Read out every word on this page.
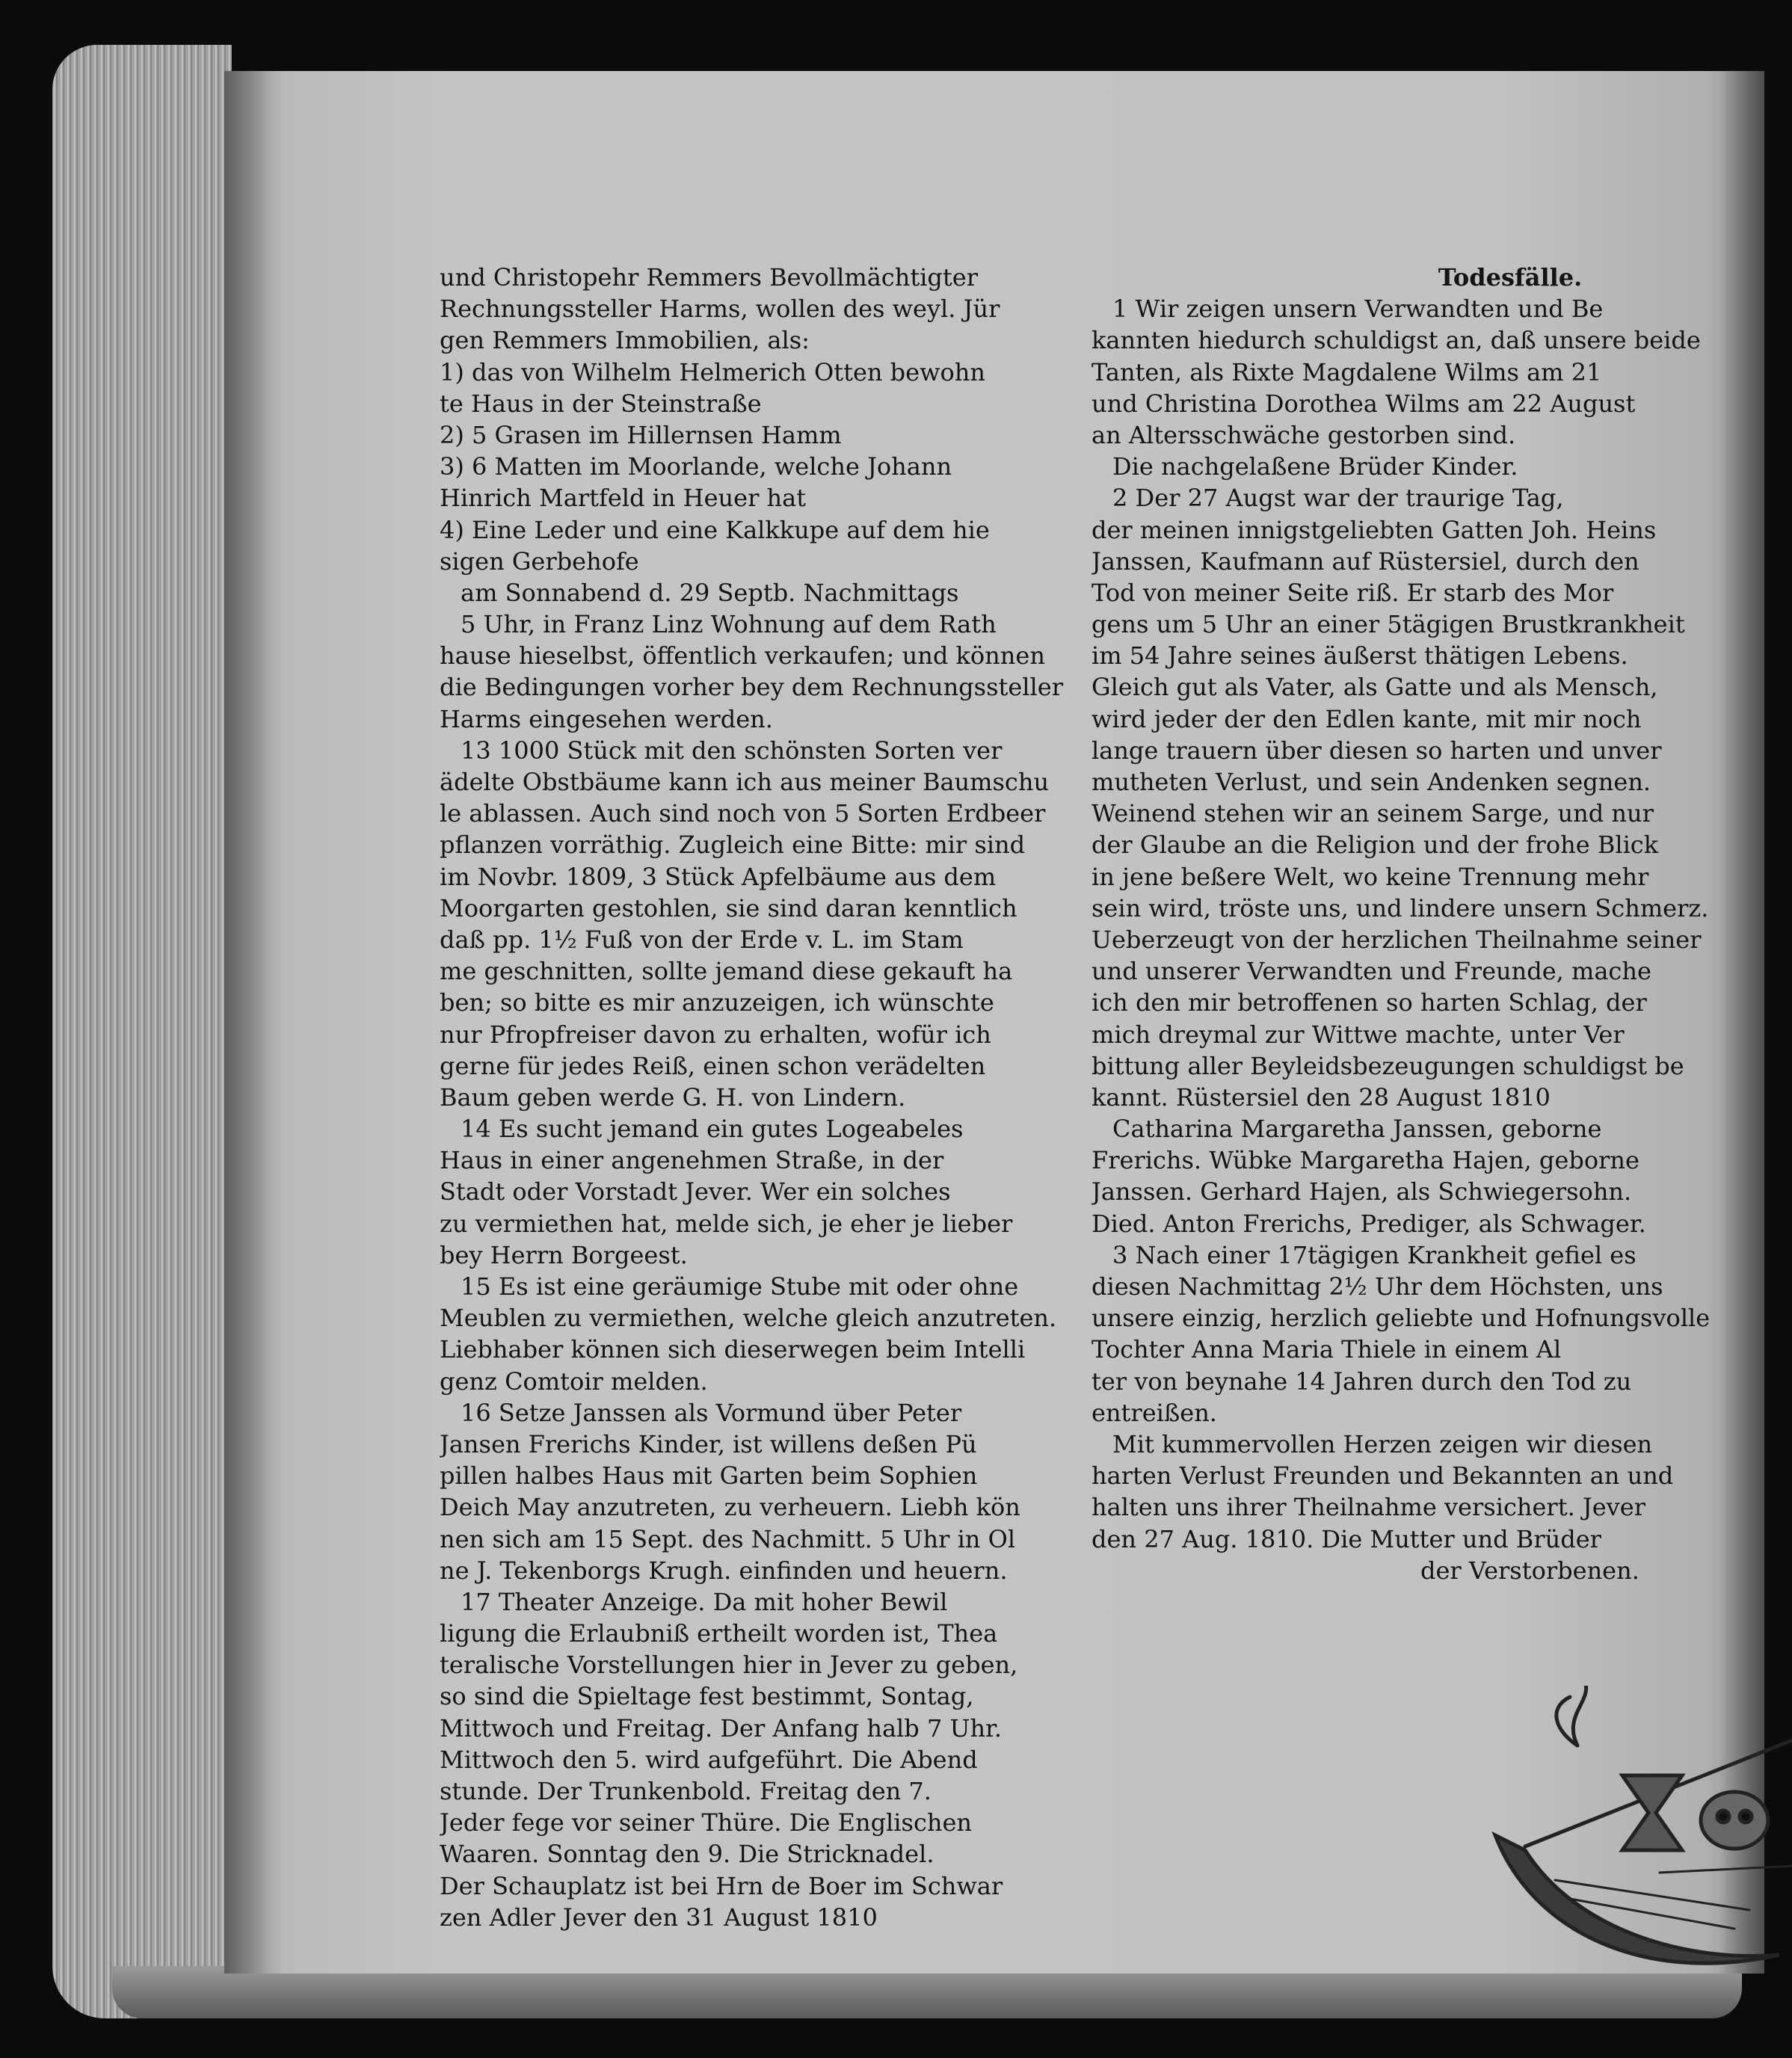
und Christopehr Remmers Bevollmächtigter
Rechnungssteller Harms, wollen des weyl. Jür
gen Remmers Immobilien, als:
1) das von Wilhelm Helmerich Otten bewohn
te Haus in der Steinstraße
2) 5 Grasen im Hillernsen Hamm
3) 6 Matten im Moorlande, welche Johann
Hinrich Martfeld in Heuer hat
4) Eine Leder und eine Kalkkupe auf dem hie
sigen Gerbehofe
am Sonnabend d. 29 Septb. Nachmittags
5 Uhr, in Franz Linz Wohnung auf dem Rath
hause hieselbst, öffentlich verkaufen; und können
die Bedingungen vorher bey dem Rechnungssteller
Harms eingesehen werden.
13 1000 Stück mit den schönsten Sorten ver
ädelte Obstbäume kann ich aus meiner Baumschu
le ablassen. Auch sind noch von 5 Sorten Erdbeer
pflanzen vorräthig. Zugleich eine Bitte: mir sind
im Novbr. 1809, 3 Stück Apfelbäume aus dem
Moorgarten gestohlen, sie sind daran kenntlich
daß pp. 1½ Fuß von der Erde v. L. im Stam
me geschnitten, sollte jemand diese gekauft ha
ben; so bitte es mir anzuzeigen, ich wünschte
nur Pfropfreiser davon zu erhalten, wofür ich
gerne für jedes Reiß, einen schon verädelten
Baum geben werde G. H. von Lindern.
14 Es sucht jemand ein gutes Logeabeles
Haus in einer angenehmen Straße, in der
Stadt oder Vorstadt Jever. Wer ein solches
zu vermiethen hat, melde sich, je eher je lieber
bey Herrn Borgeest.
15 Es ist eine geräumige Stube mit oder ohne
Meublen zu vermiethen, welche gleich anzutreten.
Liebhaber können sich dieserwegen beim Intelli
genz Comtoir melden.
16 Setze Janssen als Vormund über Peter
Jansen Frerichs Kinder, ist willens deßen Pü
pillen halbes Haus mit Garten beim Sophien
Deich May anzutreten, zu verheuern. Liebh kön
nen sich am 15 Sept. des Nachmitt. 5 Uhr in Ol
ne J. Tekenborgs Krugh. einfinden und heuern.
17 Theater Anzeige. Da mit hoher Bewil
ligung die Erlaubniß ertheilt worden ist, Thea
teralische Vorstellungen hier in Jever zu geben,
so sind die Spieltage fest bestimmt, Sontag,
Mittwoch und Freitag. Der Anfang halb 7 Uhr.
Mittwoch den 5. wird aufgeführt. Die Abend
stunde. Der Trunkenbold. Freitag den 7.
Jeder fege vor seiner Thüre. Die Englischen
Waaren. Sonntag den 9. Die Stricknadel.
Der Schauplatz ist bei Hrn de Boer im Schwar
zen Adler Jever den 31 August 1810
Todesfälle.
1 Wir zeigen unsern Verwandten und Be
kannten hiedurch schuldigst an, daß unsere beide
Tanten, als Rixte Magdalene Wilms am 21
und Christina Dorothea Wilms am 22 August
an Altersschwäche gestorben sind.
Die nachgelaßene Brüder Kinder.
2 Der 27 Augst war der traurige Tag,
der meinen innigstgeliebten Gatten Joh. Heins
Janssen, Kaufmann auf Rüstersiel, durch den
Tod von meiner Seite riß. Er starb des Mor
gens um 5 Uhr an einer 5tägigen Brustkrankheit
im 54 Jahre seines äußerst thätigen Lebens.
Gleich gut als Vater, als Gatte und als Mensch,
wird jeder der den Edlen kante, mit mir noch
lange trauern über diesen so harten und unver
mutheten Verlust, und sein Andenken segnen.
Weinend stehen wir an seinem Sarge, und nur
der Glaube an die Religion und der frohe Blick
in jene beßere Welt, wo keine Trennung mehr
sein wird, tröste uns, und lindere unsern Schmerz.
Ueberzeugt von der herzlichen Theilnahme seiner
und unserer Verwandten und Freunde, mache
ich den mir betroffenen so harten Schlag, der
mich dreymal zur Wittwe machte, unter Ver
bittung aller Beyleidsbezeugungen schuldigst be
kannt. Rüstersiel den 28 August 1810
Catharina Margaretha Janssen, geborne
Frerichs. Wübke Margaretha Hajen, geborne
Janssen. Gerhard Hajen, als Schwiegersohn.
Died. Anton Frerichs, Prediger, als Schwager.
3 Nach einer 17tägigen Krankheit gefiel es
diesen Nachmittag 2½ Uhr dem Höchsten, uns
unsere einzig, herzlich geliebte und Hofnungsvolle
Tochter Anna Maria Thiele in einem Al
ter von beynahe 14 Jahren durch den Tod zu
entreißen.
Mit kummervollen Herzen zeigen wir diesen
harten Verlust Freunden und Bekannten an und
halten uns ihrer Theilnahme versichert. Jever
den 27 Aug. 1810. Die Mutter und Brüder
der Verstorbenen.
